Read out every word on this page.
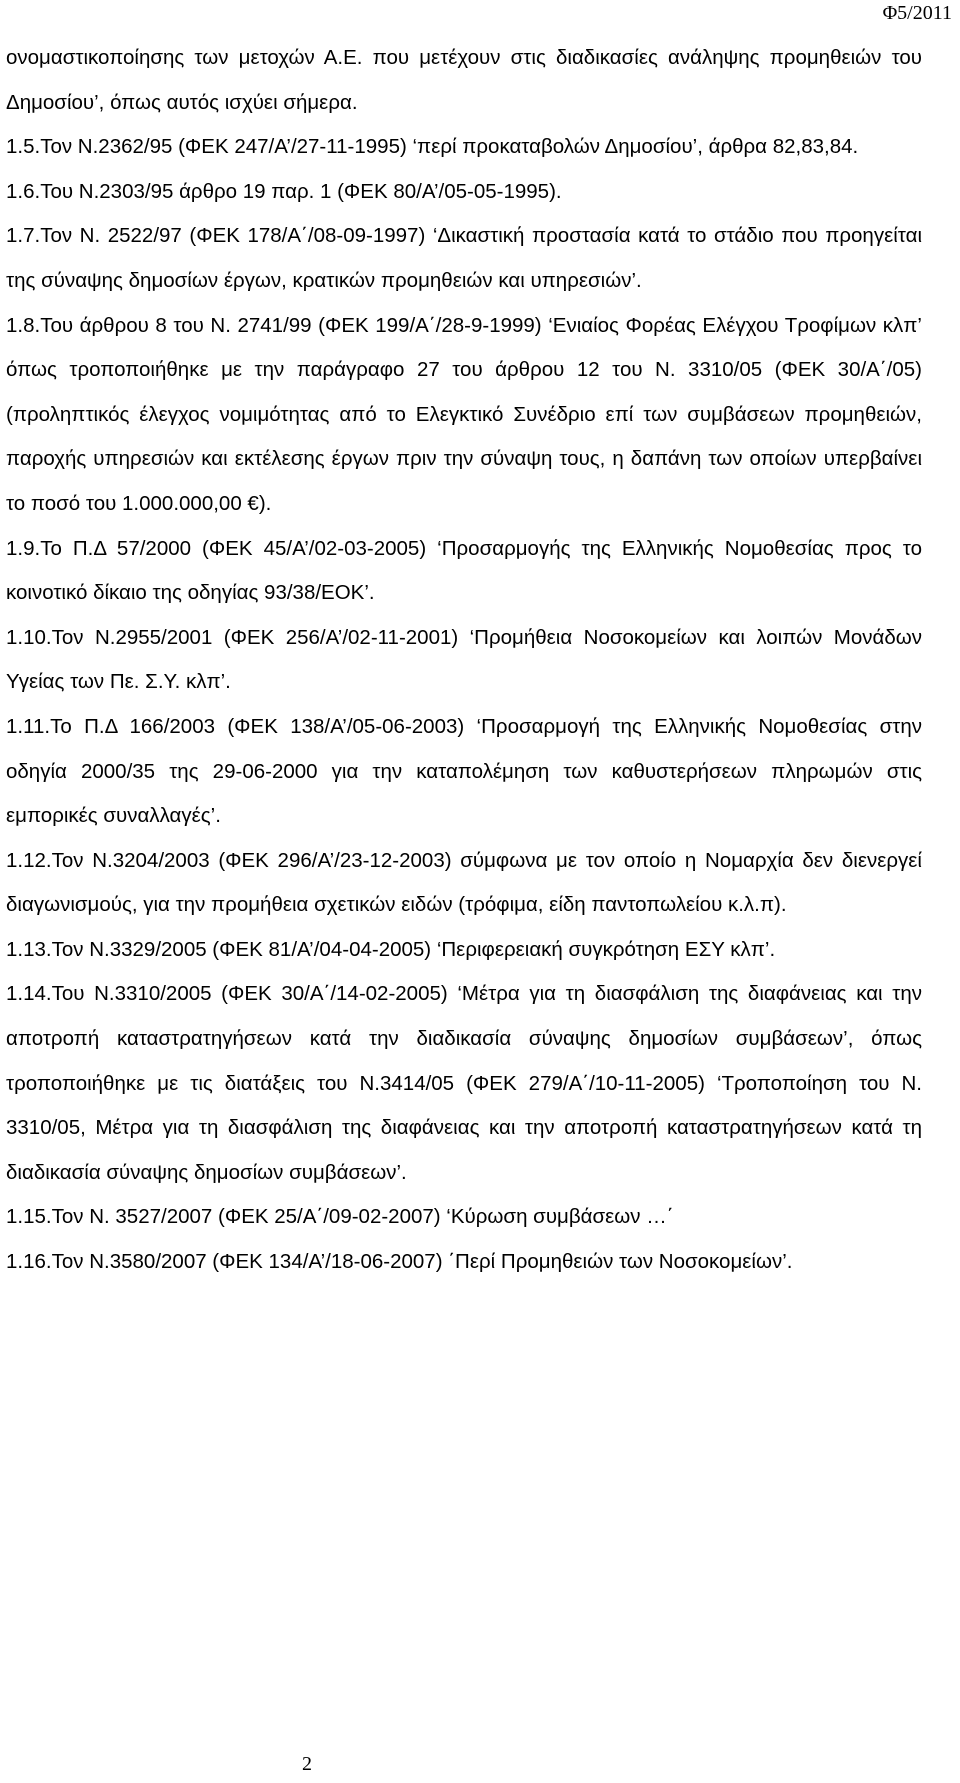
Φ5/2011

ονομαστικοποίησης των μετοχών Α.Ε. που μετέχουν στις διαδικασίες ανάληψης προμηθειών του Δημοσίου’, όπως αυτός ισχύει σήμερα.

1.5.Τον Ν.2362/95 (ΦΕΚ 247/Α’/27-11-1995) ‘περί προκαταβολών Δημοσίου’, άρθρα 82,83,84.

1.6.Του Ν.2303/95 άρθρο 19 παρ. 1 (ΦΕΚ 80/Α’/05-05-1995).

1.7.Τον Ν. 2522/97 (ΦΕΚ 178/Α΄/08-09-1997) ‘Δικαστική προστασία κατά το στάδιο που προηγείται της σύναψης δημοσίων έργων, κρατικών προμηθειών και υπηρεσιών’.

1.8.Του άρθρου 8 του Ν. 2741/99 (ΦΕΚ 199/Α΄/28-9-1999) ‘Ενιαίος Φορέας Ελέγχου Τροφίμων κλπ’ όπως τροποποιήθηκε με την παράγραφο 27 του άρθρου 12 του Ν. 3310/05 (ΦΕΚ 30/Α΄/05) (προληπτικός έλεγχος νομιμότητας από το Ελεγκτικό Συνέδριο επί των συμβάσεων προμηθειών, παροχής υπηρεσιών και εκτέλεσης έργων πριν την σύναψη τους, η δαπάνη των οποίων υπερβαίνει το ποσό του 1.000.000,00 €).

1.9.Το Π.Δ 57/2000 (ΦΕΚ 45/Α’/02-03-2005) ‘Προσαρμογής της Ελληνικής Νομοθεσίας προς το κοινοτικό δίκαιο της οδηγίας 93/38/ΕΟΚ’.

1.10.Τον Ν.2955/2001 (ΦΕΚ 256/Α’/02-11-2001) ‘Προμήθεια Νοσοκομείων και λοιπών Μονάδων Υγείας των Πε. Σ.Υ. κλπ’.

1.11.Το Π.Δ 166/2003 (ΦΕΚ 138/Α’/05-06-2003) ‘Προσαρμογή της Ελληνικής Νομοθεσίας στην οδηγία 2000/35 της 29-06-2000 για την καταπολέμηση των καθυστερήσεων πληρωμών στις εμπορικές συναλλαγές’.

1.12.Τον Ν.3204/2003 (ΦΕΚ 296/Α’/23-12-2003) σύμφωνα με τον οποίο η Νομαρχία δεν διενεργεί διαγωνισμούς, για την προμήθεια σχετικών ειδών (τρόφιμα, είδη παντοπωλείου κ.λ.π).

1.13.Τον Ν.3329/2005 (ΦΕΚ 81/Α’/04-04-2005) ‘Περιφερειακή συγκρότηση ΕΣΥ κλπ’.

1.14.Του Ν.3310/2005 (ΦΕΚ 30/Α΄/14-02-2005) ‘Μέτρα για τη διασφάλιση της διαφάνειας και την αποτροπή καταστρατηγήσεων κατά την διαδικασία σύναψης δημοσίων συμβάσεων’, όπως τροποποιήθηκε με τις διατάξεις του Ν.3414/05 (ΦΕΚ 279/Α΄/10-11-2005) ‘Τροποποίηση του Ν. 3310/05, Μέτρα για τη διασφάλιση της διαφάνειας και την αποτροπή καταστρατηγήσεων κατά τη διαδικασία σύναψης δημοσίων συμβάσεων’.

1.15.Τον Ν. 3527/2007 (ΦΕΚ 25/Α΄/09-02-2007) ‘Κύρωση συμβάσεων …΄

1.16.Τον Ν.3580/2007 (ΦΕΚ 134/Α’/18-06-2007) ΄Περί Προμηθειών των Νοσοκομείων’.

2
